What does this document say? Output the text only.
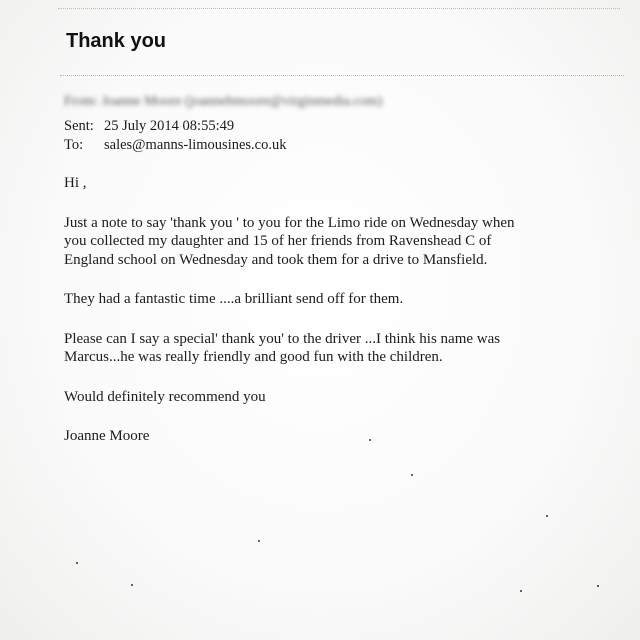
Thank you
From: Joanne Moore (joannehmoore@virginmedia.com)
Sent: 25 July 2014 08:55:49
To: sales@manns-limousines.co.uk

Hi ,

Just a note to say 'thank you ' to you for the Limo ride on Wednesday when

you collected my daughter and 15 of her friends from Ravenshead C of

England school on Wednesday and took them for a drive to Mansfield.

They had a fantastic time ....a brilliant send off for them.

Please can I say a special' thank you' to the driver ...I think his name was

Marcus...he was really friendly and good fun with the children.

Would definitely recommend you

Joanne Moore
